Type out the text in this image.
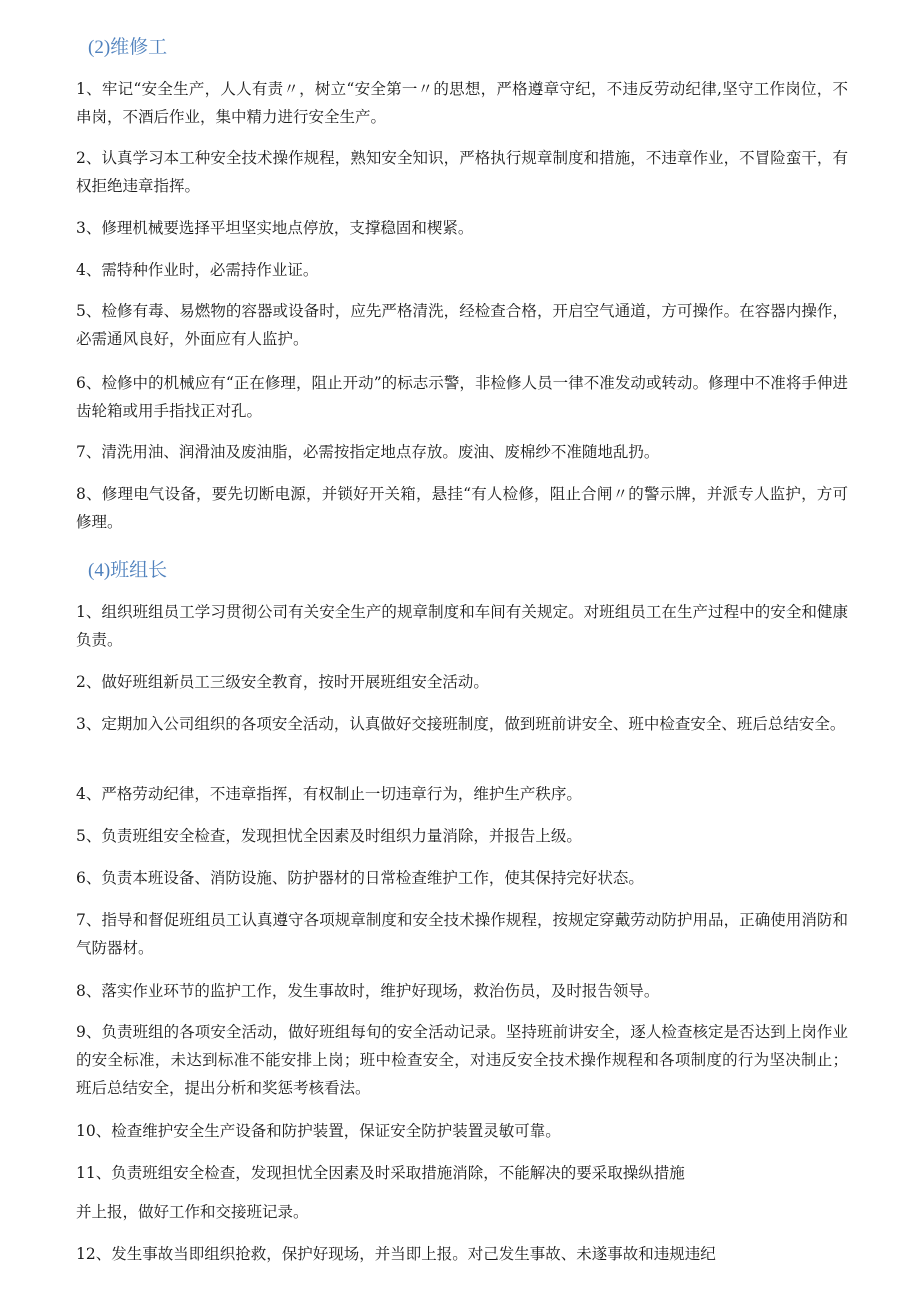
(2)维修工
1、牢记“安全生产，人人有责〃，树立“安全第一〃的思想，严格遵章守纪，不违反劳动纪律,坚守工作岗位，不串岗，不酒后作业，集中精力进行安全生产。
2、认真学习本工种安全技术操作规程，熟知安全知识，严格执行规章制度和措施，不违章作业，不冒险蛮干，有权拒绝违章指挥。
3、修理机械要选择平坦坚实地点停放，支撑稳固和楔紧。
4、需特种作业时，必需持作业证。
5、检修有毒、易燃物的容器或设备时，应先严格清洗，经检查合格，开启空气通道，方可操作。在容器内操作，必需通风良好，外面应有人监护。
6、检修中的机械应有“正在修理，阻止开动”的标志示警，非检修人员一律不准发动或转动。修理中不准将手伸进齿轮箱或用手指找正对孔。
7、清洗用油、润滑油及废油脂，必需按指定地点存放。废油、废棉纱不准随地乱扔。
8、修理电气设备，要先切断电源，并锁好开关箱，悬挂“有人检修，阻止合闸〃的警示牌，并派专人监护，方可修理。
(4)班组长
1、组织班组员工学习贯彻公司有关安全生产的规章制度和车间有关规定。对班组员工在生产过程中的安全和健康负责。
2、做好班组新员工三级安全教育，按时开展班组安全活动。
3、定期加入公司组织的各项安全活动，认真做好交接班制度，做到班前讲安全、班中检查安全、班后总结安全。
4、严格劳动纪律，不违章指挥，有权制止一切违章行为，维护生产秩序。
5、负责班组安全检查，发现担忧全因素及时组织力量消除，并报告上级。
6、负责本班设备、消防设施、防护器材的日常检查维护工作，使其保持完好状态。
7、指导和督促班组员工认真遵守各项规章制度和安全技术操作规程，按规定穿戴劳动防护用品，正确使用消防和气防器材。
8、落实作业环节的监护工作，发生事故时，维护好现场，救治伤员，及时报告领导。
9、负责班组的各项安全活动，做好班组每旬的安全活动记录。坚持班前讲安全，逐人检查核定是否达到上岗作业的安全标准，未达到标准不能安排上岗；班中检查安全，对违反安全技术操作规程和各项制度的行为坚决制止；班后总结安全，提出分析和奖惩考核看法。
10、检查维护安全生产设备和防护装置，保证安全防护装置灵敏可靠。
11、负责班组安全检查，发现担忧全因素及时采取措施消除，不能解决的要采取操纵措施
并上报，做好工作和交接班记录。
12、发生事故当即组织抢救，保护好现场，并当即上报。对己发生事故、未遂事故和违规违纪
